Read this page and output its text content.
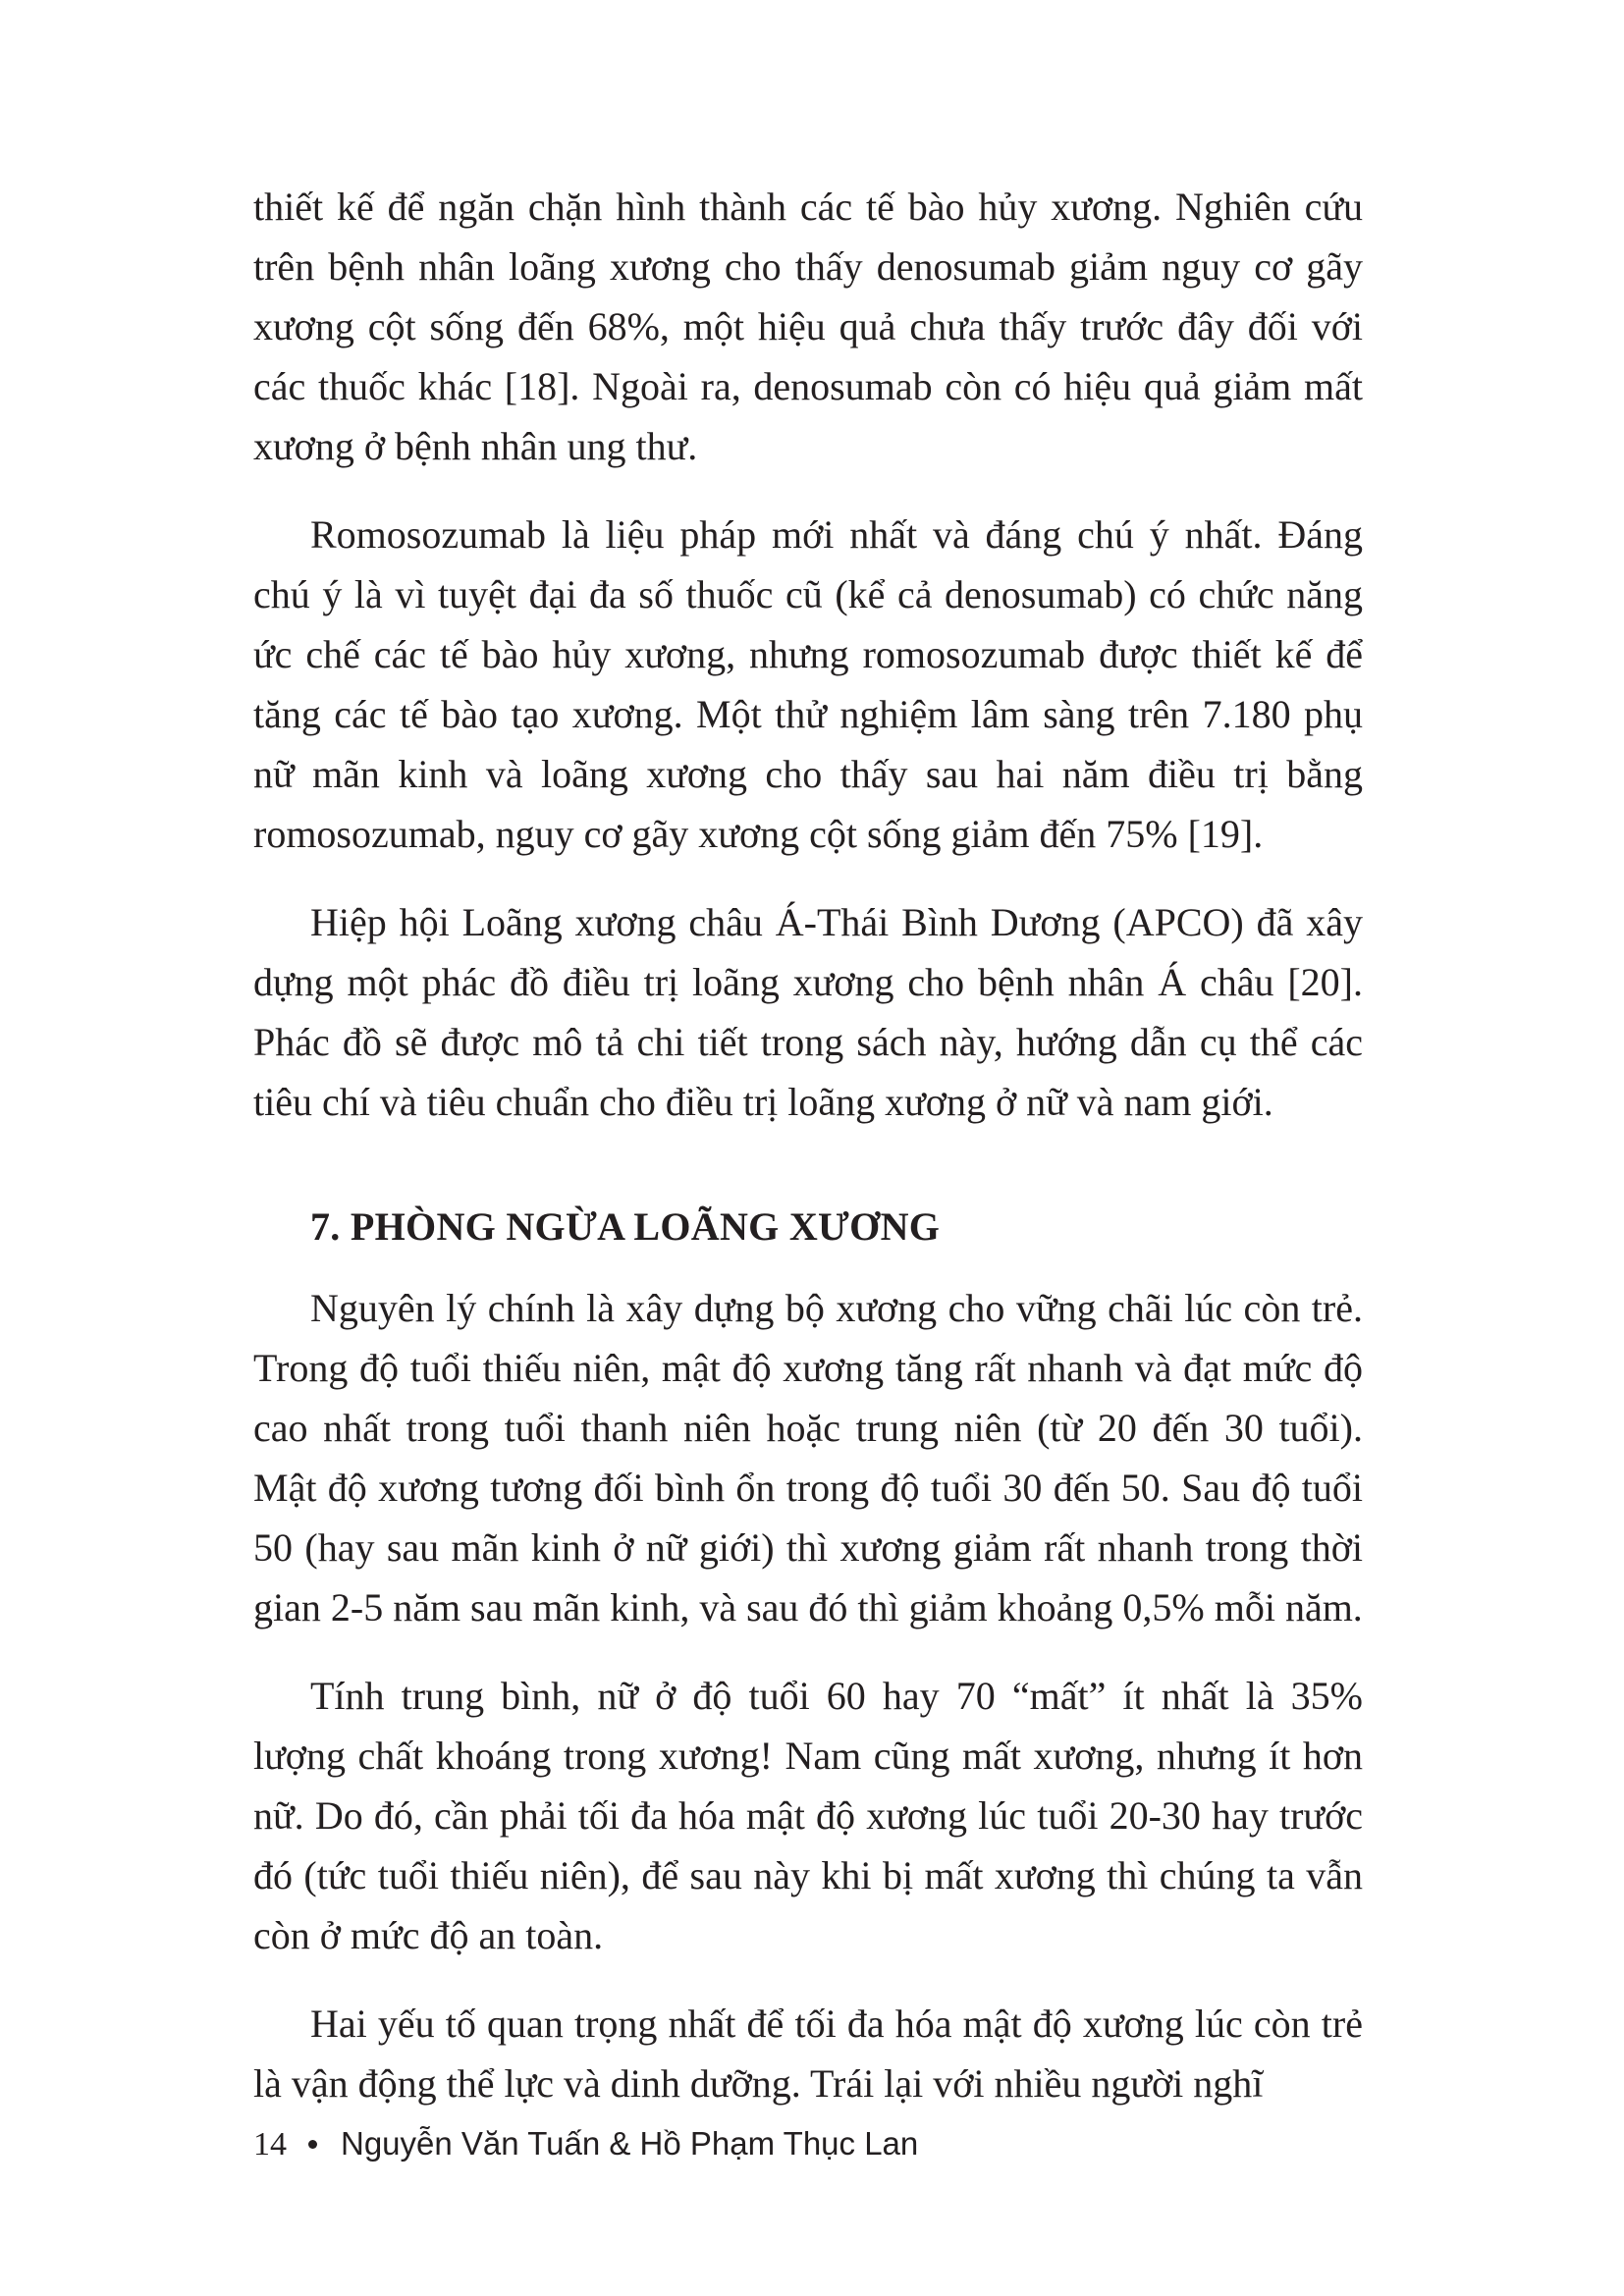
thiết kế để ngăn chặn hình thành các tế bào hủy xương. Nghiên cứu trên bệnh nhân loãng xương cho thấy denosumab giảm nguy cơ gãy xương cột sống đến 68%, một hiệu quả chưa thấy trước đây đối với các thuốc khác [18]. Ngoài ra, denosumab còn có hiệu quả giảm mất xương ở bệnh nhân ung thư.

Romosozumab là liệu pháp mới nhất và đáng chú ý nhất. Đáng chú ý là vì tuyệt đại đa số thuốc cũ (kể cả denosumab) có chức năng ức chế các tế bào hủy xương, nhưng romosozumab được thiết kế để tăng các tế bào tạo xương. Một thử nghiệm lâm sàng trên 7.180 phụ nữ mãn kinh và loãng xương cho thấy sau hai năm điều trị bằng romosozumab, nguy cơ gãy xương cột sống giảm đến 75% [19].

Hiệp hội Loãng xương châu Á-Thái Bình Dương (APCO) đã xây dựng một phác đồ điều trị loãng xương cho bệnh nhân Á châu [20]. Phác đồ sẽ được mô tả chi tiết trong sách này, hướng dẫn cụ thể các tiêu chí và tiêu chuẩn cho điều trị loãng xương ở nữ và nam giới.

7. PHÒNG NGỪA LOÃNG XƯƠNG

Nguyên lý chính là xây dựng bộ xương cho vững chãi lúc còn trẻ. Trong độ tuổi thiếu niên, mật độ xương tăng rất nhanh và đạt mức độ cao nhất trong tuổi thanh niên hoặc trung niên (từ 20 đến 30 tuổi). Mật độ xương tương đối bình ổn trong độ tuổi 30 đến 50. Sau độ tuổi 50 (hay sau mãn kinh ở nữ giới) thì xương giảm rất nhanh trong thời gian 2-5 năm sau mãn kinh, và sau đó thì giảm khoảng 0,5% mỗi năm.

Tính trung bình, nữ ở độ tuổi 60 hay 70 “mất” ít nhất là 35% lượng chất khoáng trong xương! Nam cũng mất xương, nhưng ít hơn nữ. Do đó, cần phải tối đa hóa mật độ xương lúc tuổi 20-30 hay trước đó (tức tuổi thiếu niên), để sau này khi bị mất xương thì chúng ta vẫn còn ở mức độ an toàn.

Hai yếu tố quan trọng nhất để tối đa hóa mật độ xương lúc còn trẻ là vận động thể lực và dinh dưỡng. Trái lại với nhiều người nghĩ

14 Nguyễn Văn Tuấn & Hồ Phạm Thục Lan
